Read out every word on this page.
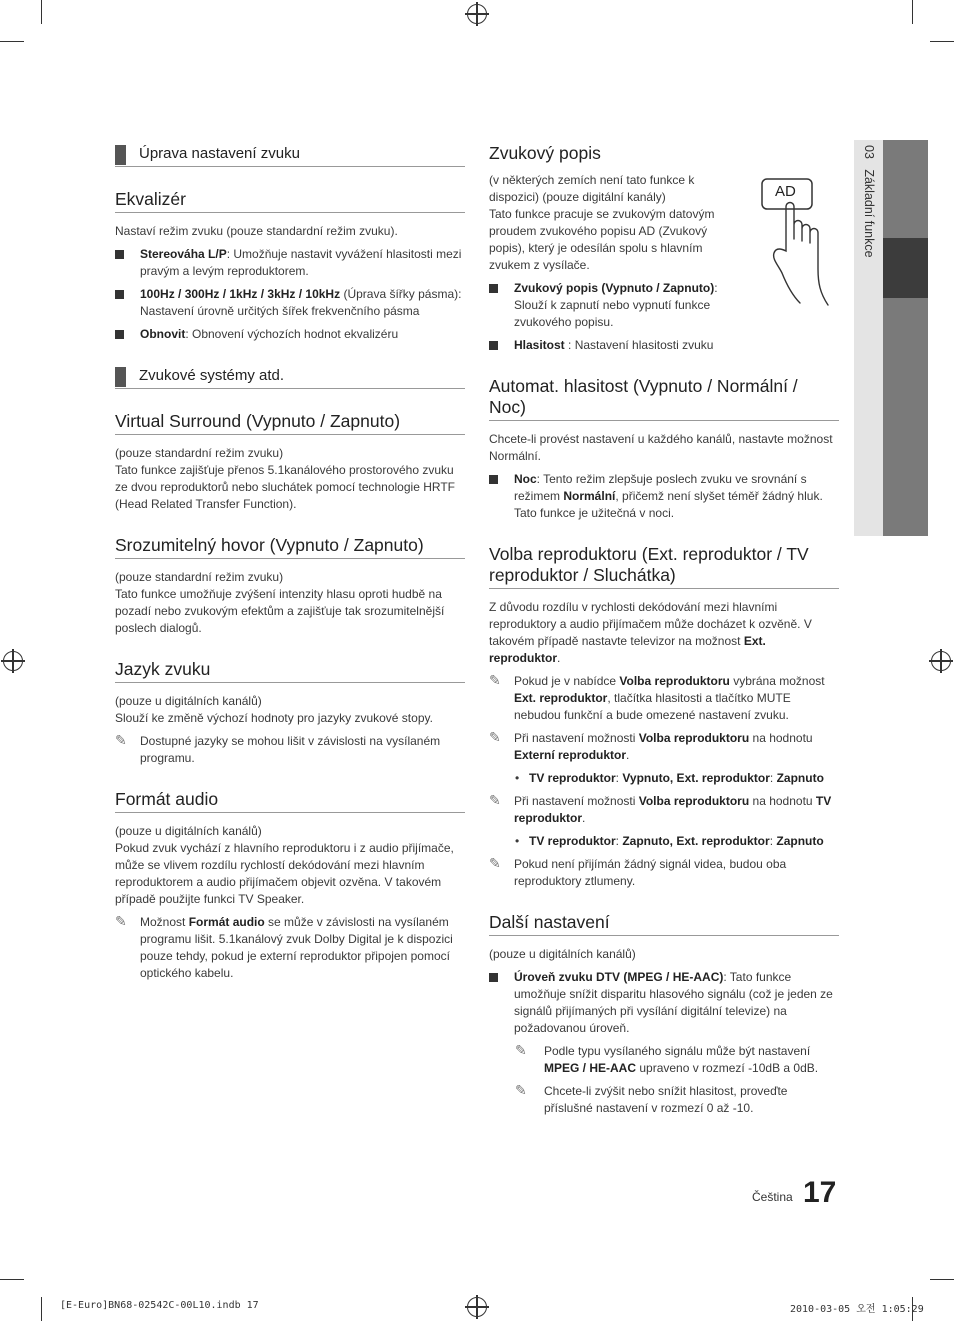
03   Základní funkce
Úprava nastavení zvuku
Ekvalizér
Nastaví režim zvuku (pouze standardní režim zvuku).
Stereováha L/P: Umožňuje nastavit vyvážení hlasitosti mezi pravým a levým reproduktorem.
100Hz / 300Hz / 1kHz / 3kHz / 10kHz (Úprava šířky pásma): Nastavení úrovně určitých šířek frekvenčního pásma
Obnovit: Obnovení výchozích hodnot ekvalizéru
Zvukové systémy atd.
Virtual Surround (Vypnuto / Zapnuto)
(pouze standardní režim zvuku)
Tato funkce zajišťuje přenos 5.1kanálového prostorového zvuku ze dvou reproduktorů nebo sluchátek pomocí technologie HRTF (Head Related Transfer Function).
Srozumitelný hovor (Vypnuto / Zapnuto)
(pouze standardní režim zvuku)
Tato funkce umožňuje zvýšení intenzity hlasu oproti hudbě na pozadí nebo zvukovým efektům a zajišťuje tak srozumitelnější poslech dialogů.
Jazyk zvuku
(pouze u digitálních kanálů)
Slouží ke změně výchozí hodnoty pro jazyky zvukové stopy.
✎ Dostupné jazyky se mohou lišit v závislosti na vysílaném programu.
Formát audio
(pouze u digitálních kanálů)
Pokud zvuk vychází z hlavního reproduktoru i z audio přijímače, může se vlivem rozdílu rychlostí dekódování mezi hlavním reproduktorem a audio přijímačem objevit ozvěna. V takovém případě použijte funkci TV Speaker.
✎ Možnost Formát audio se může v závislosti na vysílaném programu lišit. 5.1kanálový zvuk Dolby Digital je k dispozici pouze tehdy, pokud je externí reproduktor připojen pomocí optického kabelu.
Zvukový popis
(v některých zemích není tato funkce k dispozici) (pouze digitální kanály)
Tato funkce pracuje se zvukovým datovým proudem zvukového popisu AD (Zvukový popis), který je odesílán spolu s hlavním zvukem z vysílače.
AD
Zvukový popis (Vypnuto / Zapnuto): Slouží k zapnutí nebo vypnutí funkce zvukového popisu.
Hlasitost : Nastavení hlasitosti zvuku
Automat. hlasitost (Vypnuto / Normální / Noc)
Chcete-li provést nastavení u každého kanálů, nastavte možnost Normální.
Noc: Tento režim zlepšuje poslech zvuku ve srovnání s režimem Normální, přičemž není slyšet téměř žádný hluk. Tato funkce je užitečná v noci.
Volba reproduktoru (Ext. reproduktor / TV reproduktor / Sluchátka)
Z důvodu rozdílu v rychlosti dekódování mezi hlavními reproduktory a audio přijímačem může docházet k ozvěně. V takovém případě nastavte televizor na možnost Ext. reproduktor.
✎ Pokud je v nabídce Volba reproduktoru vybrána možnost Ext. reproduktor, tlačítka hlasitosti a tlačítko MUTE nebudou funkční a bude omezené nastavení zvuku.
✎ Při nastavení možnosti Volba reproduktoru na hodnotu Externí reproduktor.
• TV reproduktor: Vypnuto, Ext. reproduktor: Zapnuto
✎ Při nastavení možnosti Volba reproduktoru na hodnotu TV reproduktor.
• TV reproduktor: Zapnuto, Ext. reproduktor: Zapnuto
✎ Pokud není přijímán žádný signál videa, budou oba reproduktory ztlumeny.
Další nastavení
(pouze u digitálních kanálů)
Úroveň zvuku DTV (MPEG / HE-AAC): Tato funkce umožňuje snížit disparitu hlasového signálu (což je jeden ze signálů přijímaných při vysílání digitální televize) na požadovanou úroveň.
✎ Podle typu vysílaného signálu může být nastavení MPEG / HE-AAC upraveno v rozmezí -10dB a 0dB.
✎ Chcete-li zvýšit nebo snížit hlasitost, proveďte příslušné nastavení v rozmezí 0 až -10.
Čeština 17
[E-Euro]BN68-02542C-00L10.indb 17	2010-03-05 오전 1:05:29
